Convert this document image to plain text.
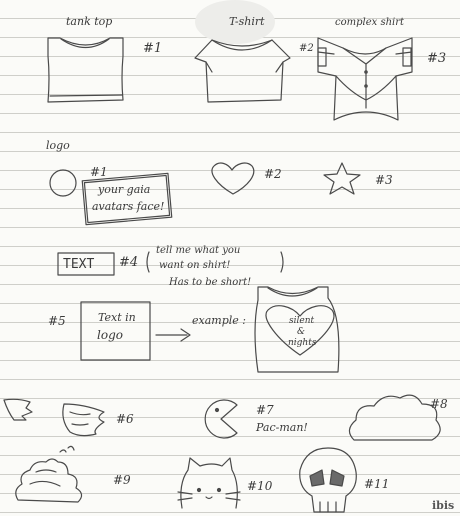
tank top	T-shirt	complex shirt
#1	#2
#3
logo
#1
your gaia
avatars face!
#2	#3
TEXT #4
tell me what you
want on shirt!
Has to be short!
#5	Text in
logo
example :	silent
&
nights
#6
#7
Pac-man!
#8
#9	#10	#11
ibis
